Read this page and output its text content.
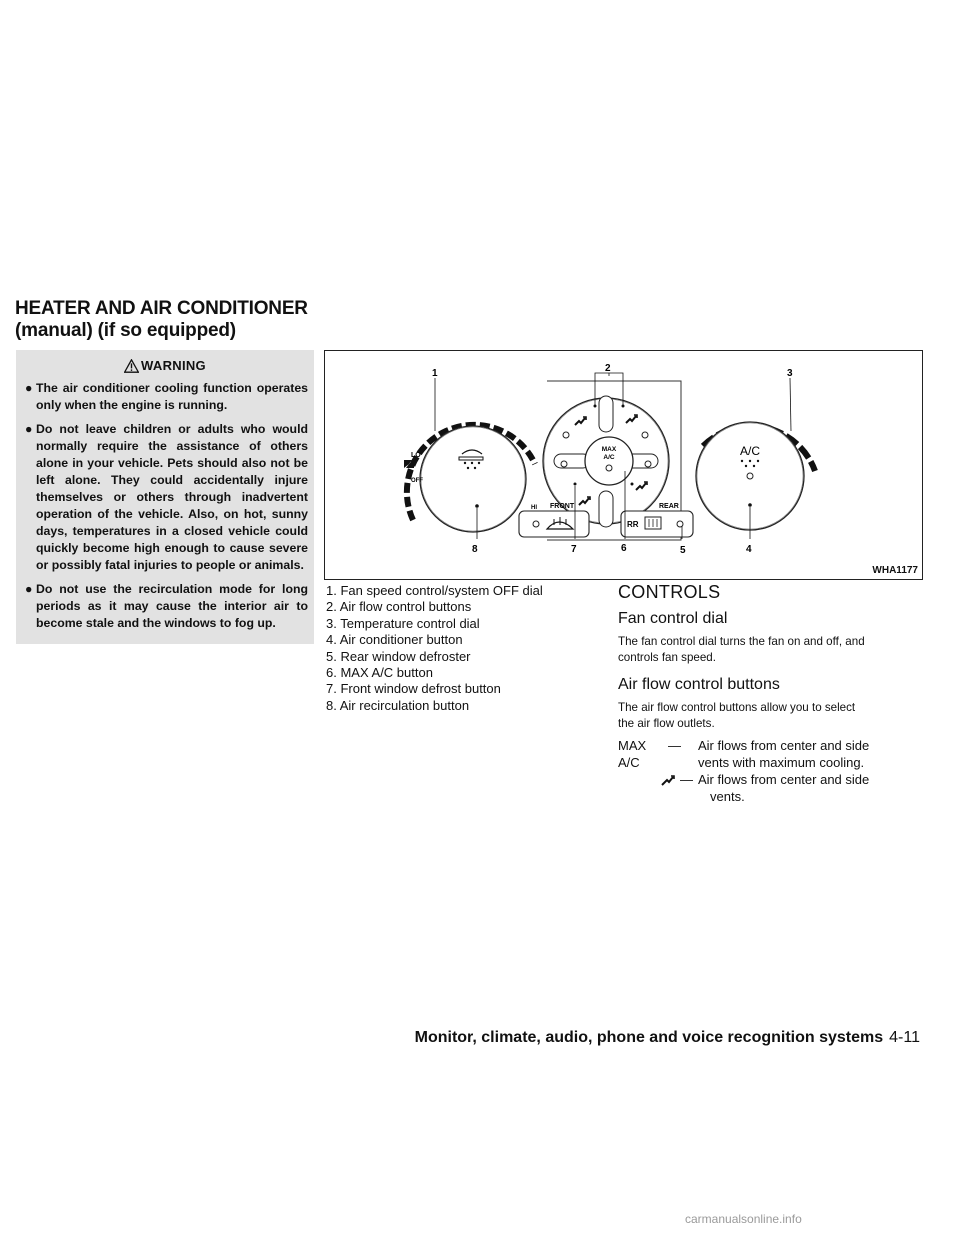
HEATER AND AIR CONDITIONER
(manual) (if so equipped)
WARNING
● The air conditioner cooling function operates only when the engine is running.
● Do not leave children or adults who would normally require the assistance of others alone in your vehicle. Pets should also not be left alone. They could accidentally injure themselves or others through inadvertent operation of the vehicle. Also, on hot, sunny days, temperatures in a closed vehicle could quickly become high enough to cause severe or possibly fatal injuries to people or animals.
● Do not use the recirculation mode for long periods as it may cause the interior air to become stale and the windows to fog up.
LO
OFF
HI
MAX
A/C
FRONT	REAR
RR
A/C
1	2	3
4
5
6
7
8
WHA1177
1. Fan speed control/system OFF dial
2. Air flow control buttons
3. Temperature control dial
4. Air conditioner button
5. Rear window defroster
6. MAX A/C button
7. Front window defrost button
8. Air recirculation button
CONTROLS
Fan control dial
The fan control dial turns the fan on and off, and
controls fan speed.
Air flow control buttons
The air flow control buttons allow you to select
the air flow outlets.
MAX
A/C
— Air flows from center and side
vents with maximum cooling.
— Air flows from center and side
vents.
Monitor, climate, audio, phone and voice recognition systems 4-11
carmanualsonline.info
